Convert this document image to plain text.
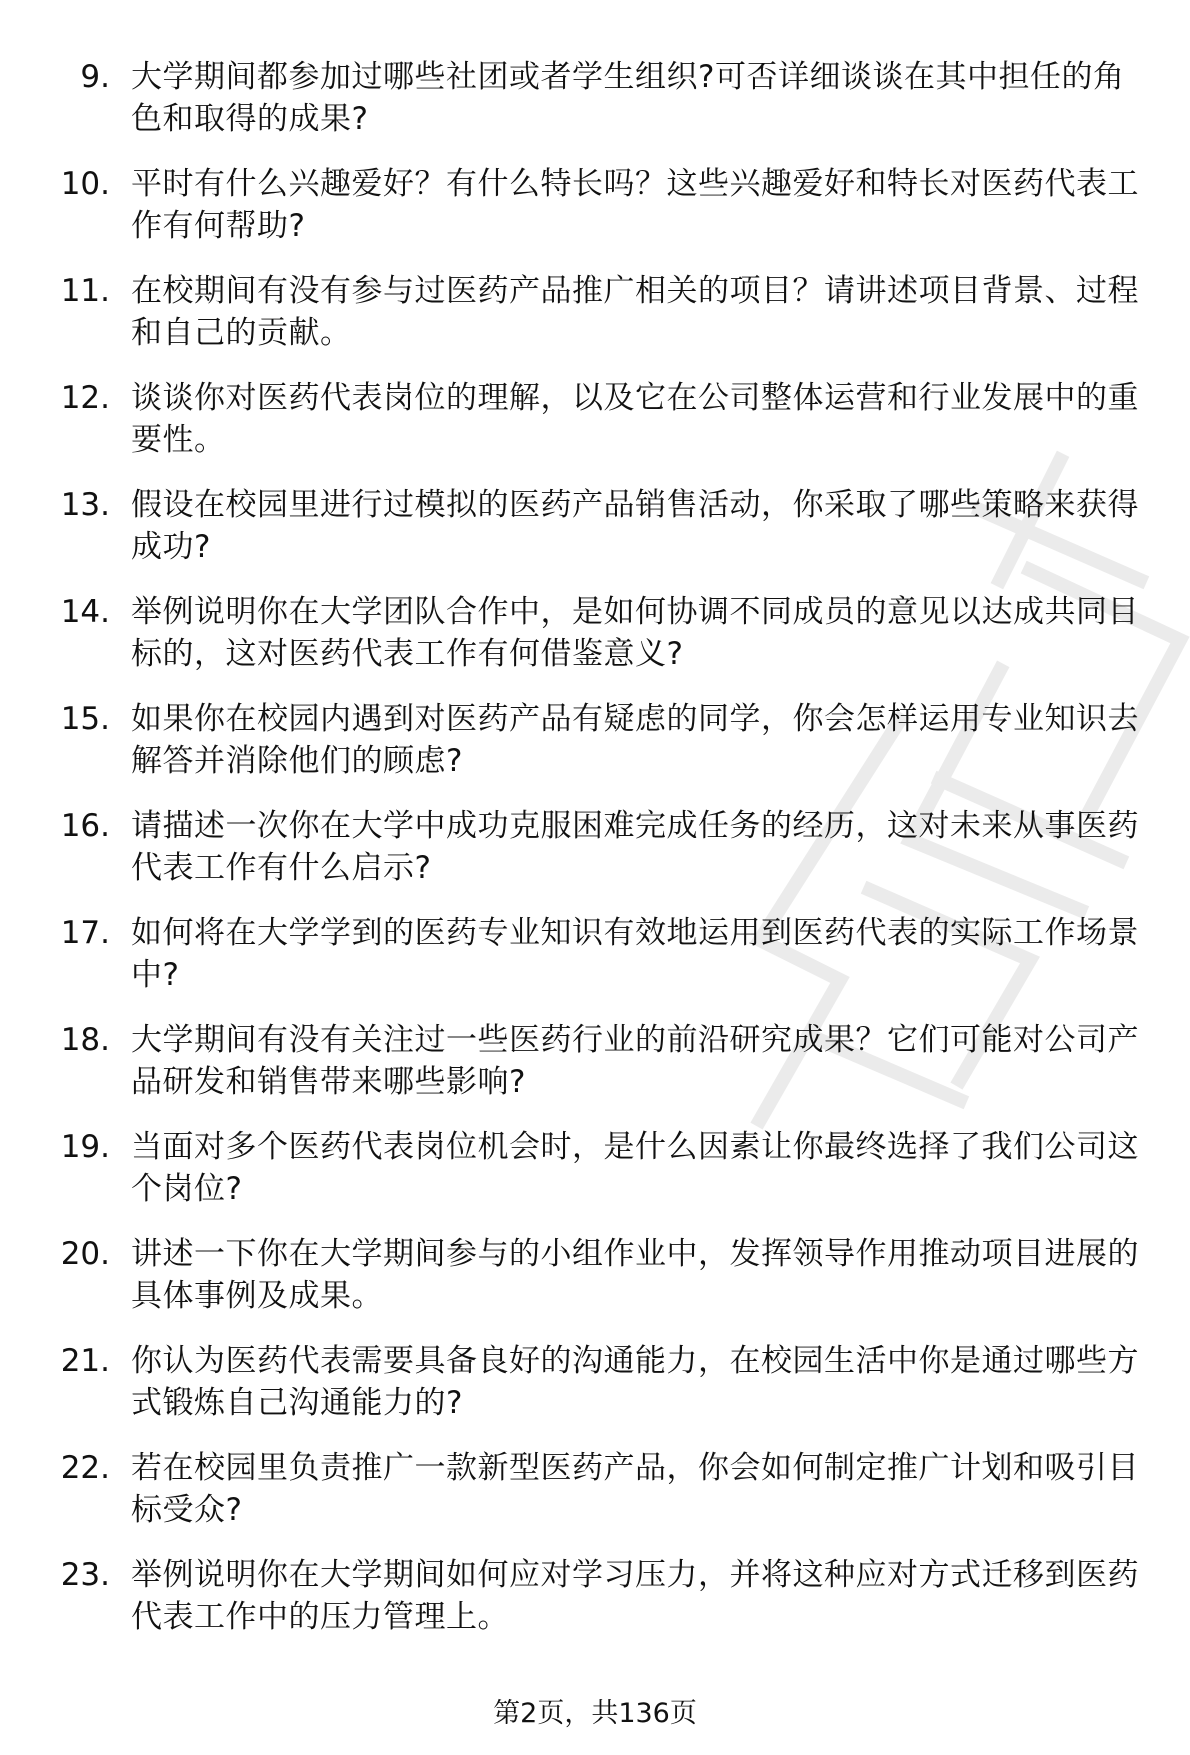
9. 大学期间都参加过哪些社团或者学生组织?可否详细谈谈在其中担任的角色和取得的成果?
10. 平时有什么兴趣爱好？有什么特长吗？这些兴趣爱好和特长对医药代表工作有何帮助?
11. 在校期间有没有参与过医药产品推广相关的项目？请讲述项目背景、过程和自己的贡献。
12. 谈谈你对医药代表岗位的理解，以及它在公司整体运营和行业发展中的重要性。
13. 假设在校园里进行过模拟的医药产品销售活动，你采取了哪些策略来获得成功?
14. 举例说明你在大学团队合作中，是如何协调不同成员的意见以达成共同目标的，这对医药代表工作有何借鉴意义?
15. 如果你在校园内遇到对医药产品有疑虑的同学，你会怎样运用专业知识去解答并消除他们的顾虑?
16. 请描述一次你在大学中成功克服困难完成任务的经历，这对未来从事医药代表工作有什么启示?
17. 如何将在大学学到的医药专业知识有效地运用到医药代表的实际工作场景中?
18. 大学期间有没有关注过一些医药行业的前沿研究成果？它们可能对公司产品研发和销售带来哪些影响?
19. 当面对多个医药代表岗位机会时，是什么因素让你最终选择了我们公司这个岗位?
20. 讲述一下你在大学期间参与的小组作业中，发挥领导作用推动项目进展的具体事例及成果。
21. 你认为医药代表需要具备良好的沟通能力，在校园生活中你是通过哪些方式锻炼自己沟通能力的?
22. 若在校园里负责推广一款新型医药产品，你会如何制定推广计划和吸引目标受众?
23. 举例说明你在大学期间如何应对学习压力，并将这种应对方式迁移到医药代表工作中的压力管理上。
第2页，共136页
